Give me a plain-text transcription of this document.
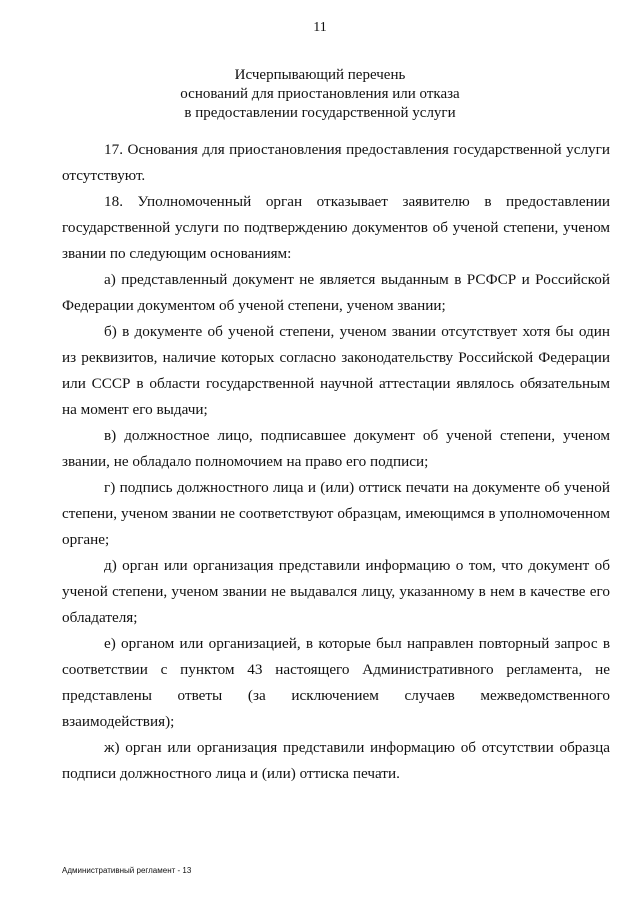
11
Исчерпывающий перечень
оснований для приостановления или отказа
в предоставлении государственной услуги

17. Основания для приостановления предоставления государственной услуги отсутствуют.

18. Уполномоченный орган отказывает заявителю в предоставлении государственной услуги по подтверждению документов об ученой степени, ученом звании по следующим основаниям:

а) представленный документ не является выданным в РСФСР и Российской Федерации документом об ученой степени, ученом звании;

б) в документе об ученой степени, ученом звании отсутствует хотя бы один из реквизитов, наличие которых согласно законодательству Российской Федерации или СССР в области государственной научной аттестации являлось обязательным на момент его выдачи;

в) должностное лицо, подписавшее документ об ученой степени, ученом звании, не обладало полномочием на право его подписи;

г) подпись должностного лица и (или) оттиск печати на документе об ученой степени, ученом звании не соответствуют образцам, имеющимся в уполномоченном органе;

д) орган или организация представили информацию о том, что документ об ученой степени, ученом звании не выдавался лицу, указанному в нем в качестве его обладателя;

е) органом или организацией, в которые был направлен повторный запрос в соответствии с пунктом 43 настоящего Административного регламента, не представлены ответы (за исключением случаев межведомственного взаимодействия);

ж) орган или организация представили информацию об отсутствии образца подписи должностного лица и (или) оттиска печати.

Административный регламент - 13
